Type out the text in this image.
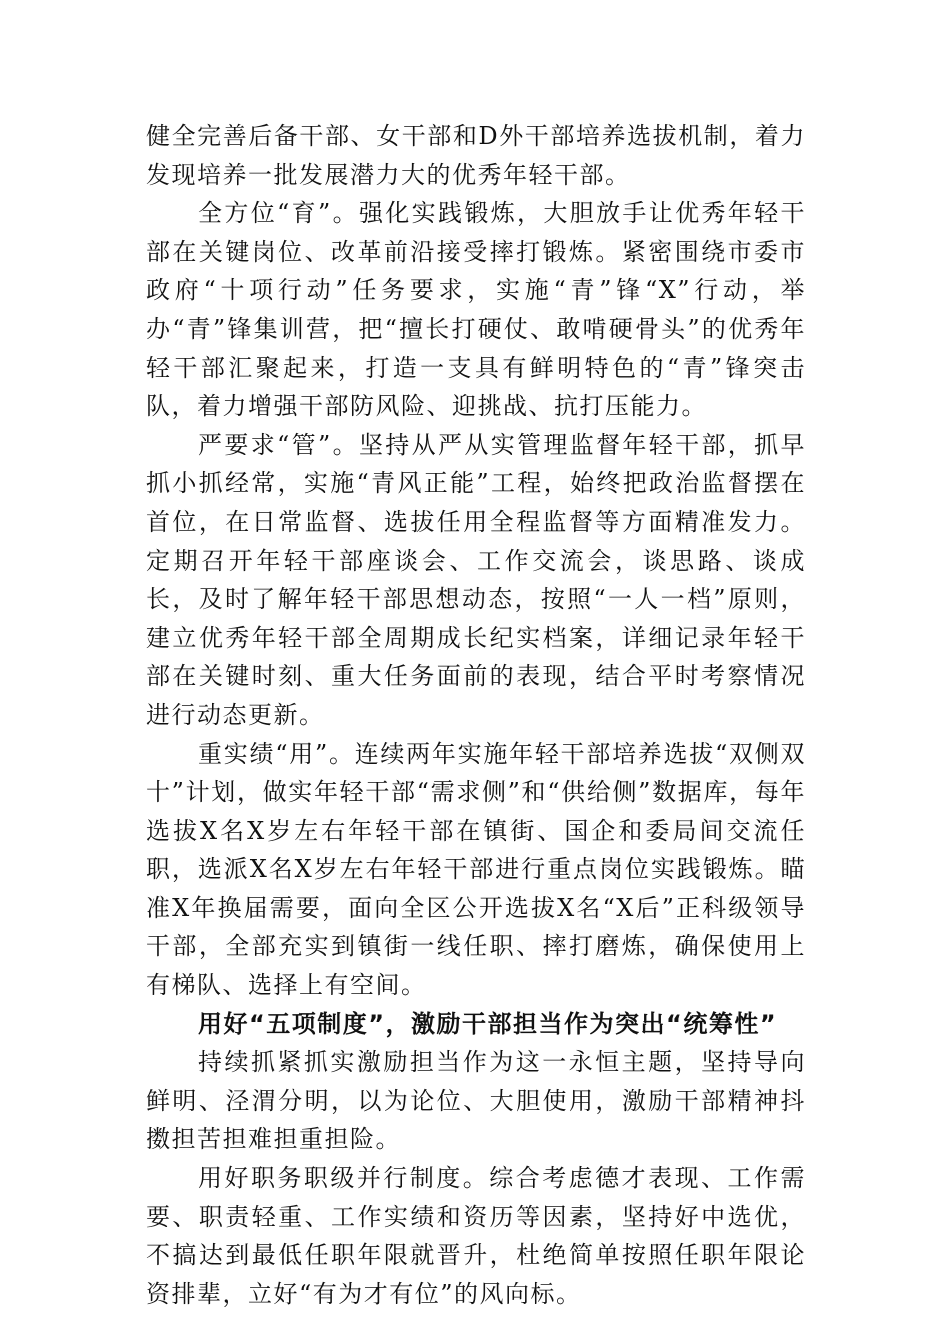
健全完善后备干部、女干部和D外干部培养选拔机制，着力发现培养一批发展潜力大的优秀年轻干部。

全方位“育”。强化实践锻炼，大胆放手让优秀年轻干部在关键岗位、改革前沿接受摔打锻炼。紧密围绕市委市政府“十项行动”任务要求，实施“青”锋“X”行动，举办“青”锋集训营，把“擅长打硬仗、敢啃硬骨头”的优秀年轻干部汇聚起来，打造一支具有鲜明特色的“青”锋突击队，着力增强干部防风险、迎挑战、抗打压能力。

严要求“管”。坚持从严从实管理监督年轻干部，抓早抓小抓经常，实施“青风正能”工程，始终把政治监督摆在首位，在日常监督、选拔任用全程监督等方面精准发力。定期召开年轻干部座谈会、工作交流会，谈思路、谈成长，及时了解年轻干部思想动态，按照“一人一档”原则，建立优秀年轻干部全周期成长纪实档案，详细记录年轻干部在关键时刻、重大任务面前的表现，结合平时考察情况进行动态更新。

重实绩“用”。连续两年实施年轻干部培养选拔“双侧双十”计划，做实年轻干部“需求侧”和“供给侧”数据库，每年选拔X名X岁左右年轻干部在镇街、国企和委局间交流任职，选派X名X岁左右年轻干部进行重点岗位实践锻炼。瞄准X年换届需要，面向全区公开选拔X名“X后”正科级领导干部，全部充实到镇街一线任职、摔打磨炼，确保使用上有梯队、选择上有空间。

用好“五项制度”，激励干部担当作为突出“统筹性”

持续抓紧抓实激励担当作为这一永恒主题，坚持导向鲜明、泾渭分明，以为论位、大胆使用，激励干部精神抖擞担苦担难担重担险。

用好职务职级并行制度。综合考虑德才表现、工作需要、职责轻重、工作实绩和资历等因素，坚持好中选优，不搞达到最低任职年限就晋升，杜绝简单按照任职年限论资排辈，立好“有为才有位”的风向标。
